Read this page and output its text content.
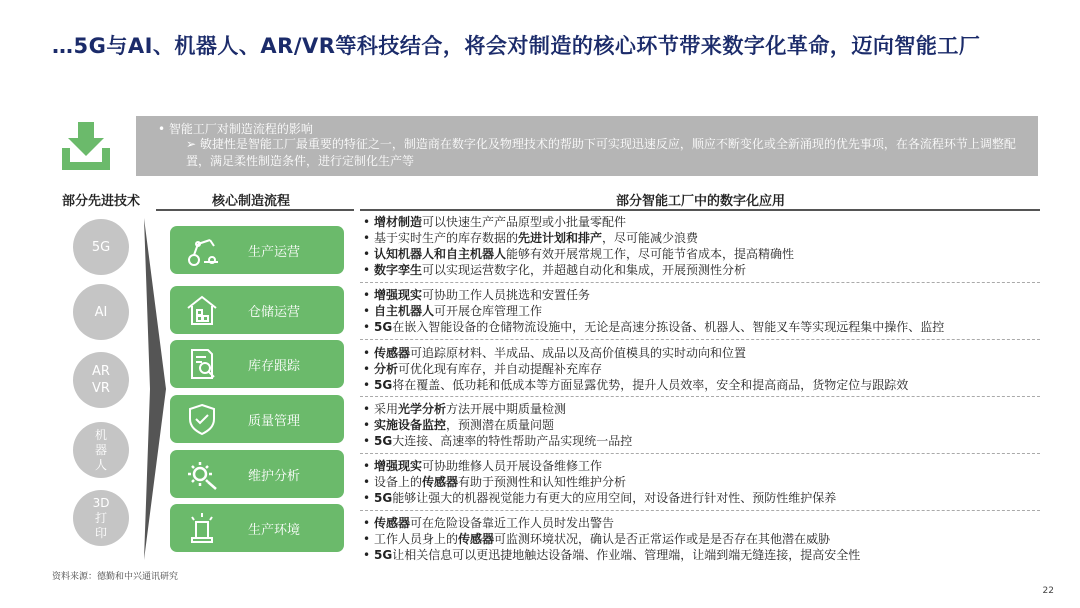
…5G与AI、机器人、AR/VR等科技结合，将会对制造的核心环节带来数字化革命，迈向智能工厂
• 智能工厂对制造流程的影响
➢ 敏捷性是智能工厂最重要的特征之一，制造商在数字化及物理技术的帮助下可实现迅速反应，顺应不断变化或全新涌现的优先事项，在各流程环节上调整配置，满足柔性制造条件，进行定制化生产等
部分先进技术	核心制造流程	部分智能工厂中的数字化应用
5G
AI
AR
VR
机
器
人
3D
打
印
生产运营
仓储运营
库存跟踪
质量管理
维护分析
生产环境
• 增材制造可以快速生产产品原型或小批量零配件
• 基于实时生产的库存数据的先进计划和排产，尽可能减少浪费
• 认知机器人和自主机器人能够有效开展常规工作，尽可能节省成本，提高精确性
• 数字孪生可以实现运营数字化，并超越自动化和集成，开展预测性分析
• 增强现实可协助工作人员挑选和安置任务
• 自主机器人可开展仓库管理工作
• 5G在嵌入智能设备的仓储物流设施中，无论是高速分拣设备、机器人、智能叉车等实现远程集中操作、监控
• 传感器可追踪原材料、半成品、成品以及高价值模具的实时动向和位置
• 分析可优化现有库存，并自动提醒补充库存
• 5G将在覆盖、低功耗和低成本等方面显露优势，提升人员效率，安全和提高商品，货物定位与跟踪效
• 采用光学分析方法开展中期质量检测
• 实施设备监控，预测潜在质量问题
• 5G大连接、高速率的特性帮助产品实现统一品控
• 增强现实可协助维修人员开展设备维修工作
• 设备上的传感器有助于预测性和认知性维护分析
• 5G能够让强大的机器视觉能力有更大的应用空间，对设备进行针对性、预防性维护保养
• 传感器可在危险设备靠近工作人员时发出警告
• 工作人员身上的传感器可监测环境状况，确认是否正常运作或是是否存在其他潜在威胁
• 5G让相关信息可以更迅捷地触达设备端、作业端、管理端，让端到端无缝连接，提高安全性
资料来源：德勤和中兴通讯研究
22
